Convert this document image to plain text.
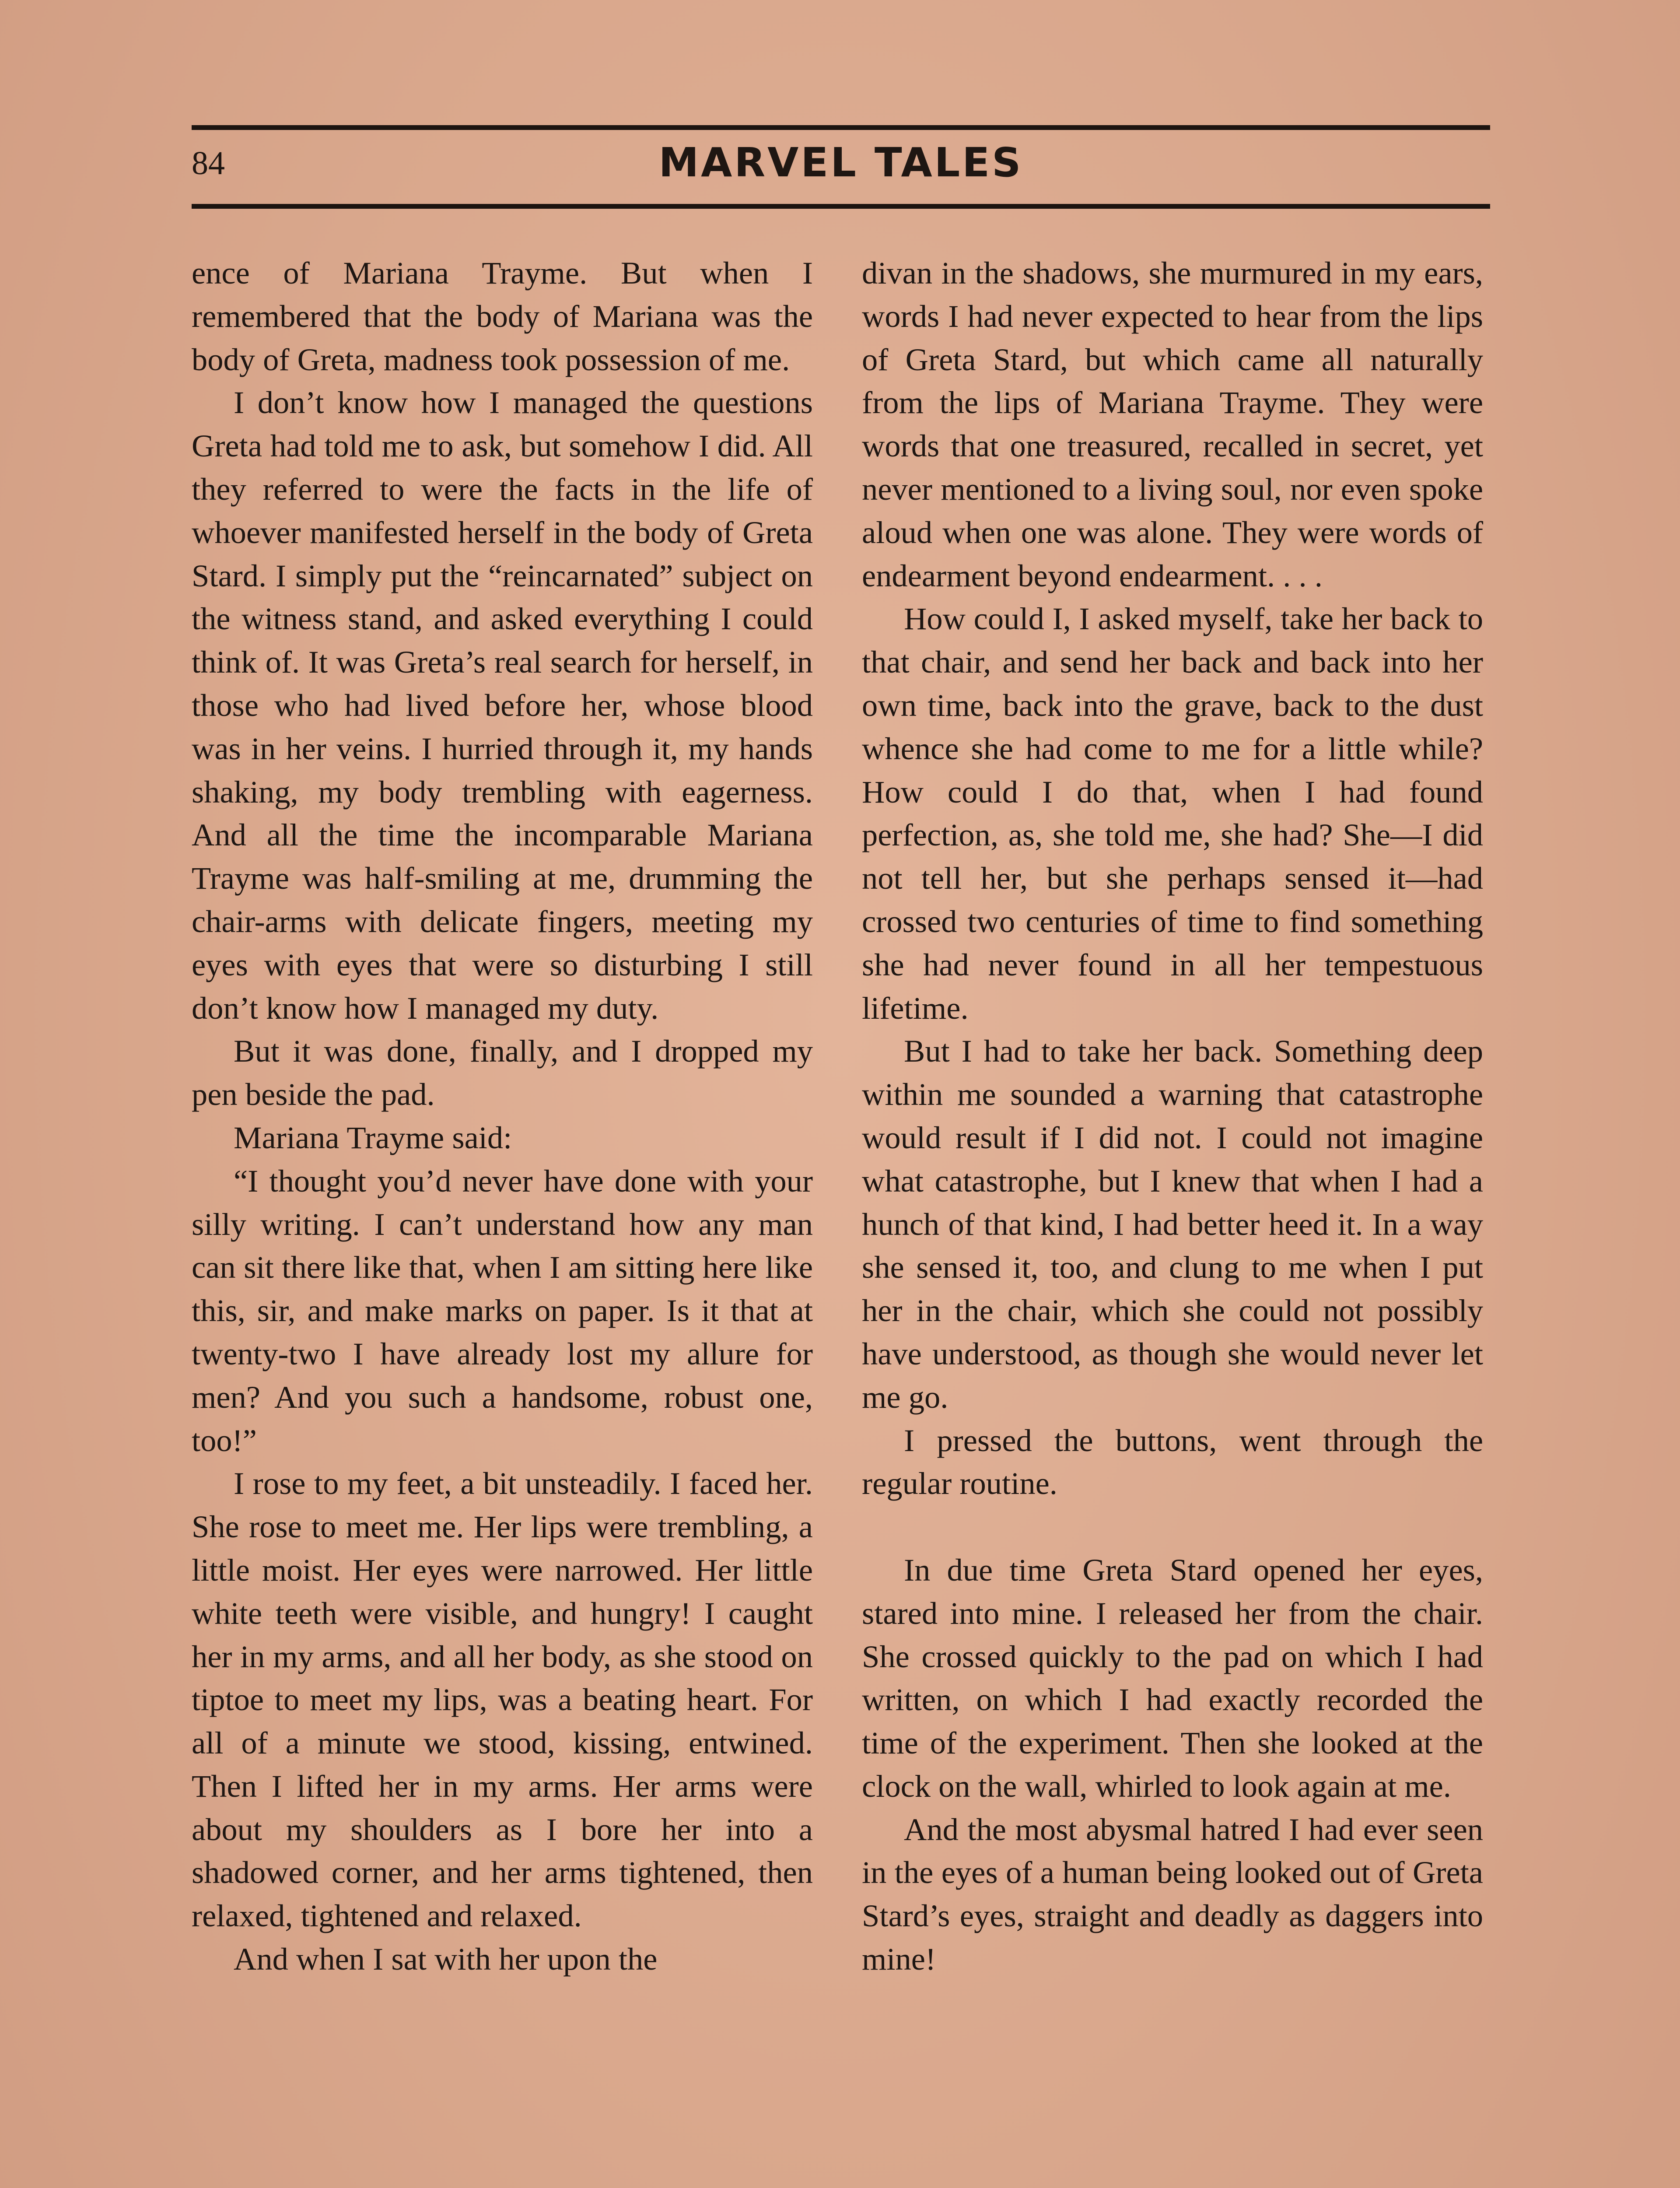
84	MARVEL TALES

ence of Mariana Trayme. But when I remembered that the body of Mariana was the body of Greta, madness took possession of me.

I don’t know how I managed the questions Greta had told me to ask, but somehow I did. All they referred to were the facts in the life of whoever manifested herself in the body of Greta Stard. I simply put the “reincarnated” subject on the witness stand, and asked everything I could think of. It was Greta’s real search for herself, in those who had lived before her, whose blood was in her veins. I hurried through it, my hands shaking, my body trembling with eagerness. And all the time the incomparable Mariana Trayme was half-smiling at me, drumming the chair-arms with delicate fingers, meeting my eyes with eyes that were so disturbing I still don’t know how I managed my duty.

But it was done, finally, and I dropped my pen beside the pad.

Mariana Trayme said:

“I thought you’d never have done with your silly writing. I can’t understand how any man can sit there like that, when I am sitting here like this, sir, and make marks on paper. Is it that at twenty-two I have already lost my allure for men? And you such a handsome, robust one, too!”

I rose to my feet, a bit unsteadily. I faced her. She rose to meet me. Her lips were trembling, a little moist. Her eyes were narrowed. Her little white teeth were visible, and hungry! I caught her in my arms, and all her body, as she stood on tiptoe to meet my lips, was a beating heart. For all of a minute we stood, kissing, entwined. Then I lifted her in my arms. Her arms were about my shoulders as I bore her into a shadowed corner, and her arms tightened, then relaxed, tightened and relaxed.

And when I sat with her upon the

divan in the shadows, she murmured in my ears, words I had never expected to hear from the lips of Greta Stard, but which came all naturally from the lips of Mariana Trayme. They were words that one treasured, recalled in secret, yet never mentioned to a living soul, nor even spoke aloud when one was alone. They were words of endearment beyond endearment. . . .

How could I, I asked myself, take her back to that chair, and send her back and back into her own time, back into the grave, back to the dust whence she had come to me for a little while? How could I do that, when I had found perfection, as, she told me, she had? She—I did not tell her, but she perhaps sensed it—had crossed two centuries of time to find something she had never found in all her tempestuous lifetime.

But I had to take her back. Something deep within me sounded a warning that catastrophe would result if I did not. I could not imagine what catastrophe, but I knew that when I had a hunch of that kind, I had better heed it. In a way she sensed it, too, and clung to me when I put her in the chair, which she could not possibly have understood, as though she would never let me go.

I pressed the buttons, went through the regular routine.

In due time Greta Stard opened her eyes, stared into mine. I released her from the chair. She crossed quickly to the pad on which I had written, on which I had exactly recorded the time of the experiment. Then she looked at the clock on the wall, whirled to look again at me.

And the most abysmal hatred I had ever seen in the eyes of a human being looked out of Greta Stard’s eyes, straight and deadly as daggers into mine!
